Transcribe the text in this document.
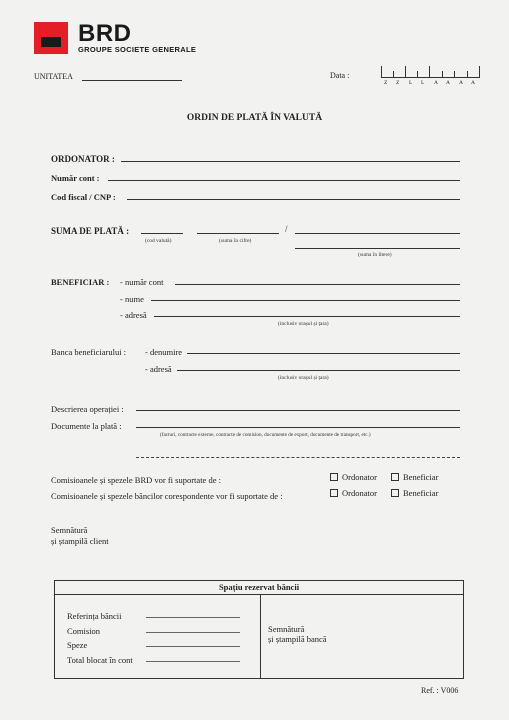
BRD
GROUPE SOCIETE GENERALE
UNITATEA	Data :
Z Z L L A A A A
ORDIN DE PLATĂ ÎN VALUTĂ
ORDONATOR :
Număr cont :
Cod fiscal / CNP :
SUMA DE PLATĂ :
(cod valută)	(suma în cifre)
/
(suma în litere)
BENEFICIAR : - număr cont
- nume
- adresă
(inclusiv orașul și țara)
Banca beneficiarului : - denumire
- adresă
(inclusiv orașul și țara)
Descrierea operației :
Documente la plată :
(facturi, contracte externe, contracte de comision, documente de export, documente de transport, etc.)
Comisioanele și spezele BRD vor fi suportate de :	Ordonator	Beneficiar
Comisioanele și spezele băncilor corespondente vor fi suportate de :	Ordonator	Beneficiar
Semnătură
și ștampilă client
Spațiu rezervat băncii
Referința băncii
Comision
Speze
Total blocat în cont
Semnătură
și ștampilă bancă
Ref. : V006
